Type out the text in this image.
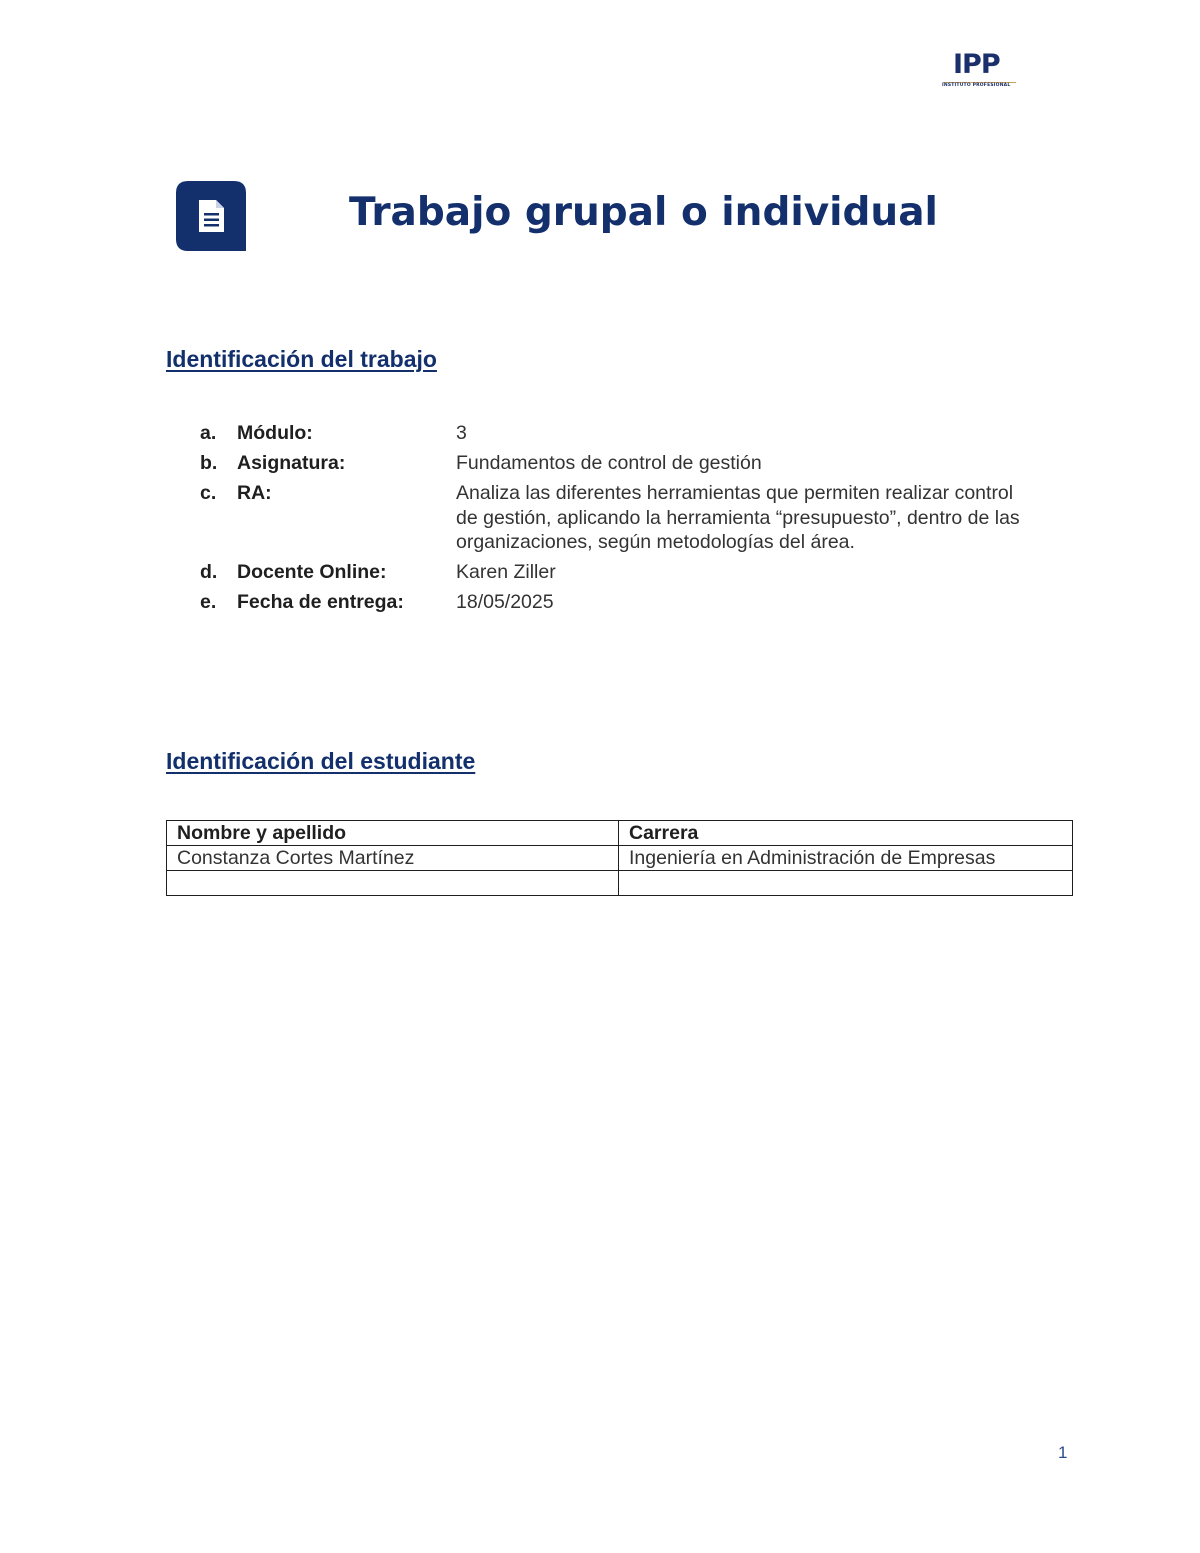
IPP
INSTITUTO PROFESIONAL
Trabajo grupal o individual
Identificación del trabajo
a.	Módulo:	3
b.	Asignatura:	Fundamentos de control de gestión
c.	RA:	Analiza las diferentes herramientas que permiten realizar control de gestión, aplicando la herramienta “presupuesto”, dentro de las organizaciones, según metodologías del área.
d.	Docente Online:	Karen Ziller
e.	Fecha de entrega:	18/05/2025
Identificación del estudiante
Nombre y apellido	Carrera
Constanza Cortes Martínez	Ingeniería en Administración de Empresas

1
